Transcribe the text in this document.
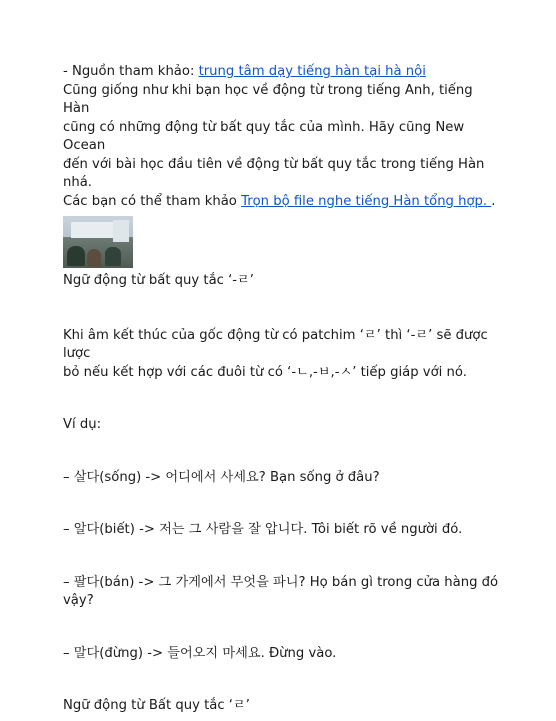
- Nguồn tham khảo: trung tâm dạy tiếng hàn tại hà nội

Cũng giống như khi bạn học về động từ trong tiếng Anh, tiếng Hàn

cũng có những động từ bất quy tắc của mình. Hãy cũng New Ocean

đến với bài học đầu tiên về động từ bất quy tắc trong tiếng Hàn

nhá.

Các bạn có thể tham khảo Trọn bộ file nghe tiếng Hàn tổng hợp. .

Ngữ động từ bất quy tắc ‘-ㄹ’

Khi âm kết thúc của gốc động từ có patchim ‘ㄹ’ thì ‘-ㄹ’ sẽ được lược

bỏ nếu kết hợp với các đuôi từ có ‘-ㄴ,-ㅂ,-ㅅ’ tiếp giáp với nó.

Ví dụ:

– 살다(sống) -> 어디에서 사세요? Bạn sống ở đâu?

– 알다(biết) -> 저는 그 사람을 잘 압니다. Tôi biết rõ về người đó.

– 팔다(bán) -> 그 가게에서 무엇을 파니? Họ bán gì trong cửa hàng đó

vậy?

– 말다(đừng) -> 들어오지 마세요. Đừng vào.

Ngữ động từ Bất quy tắc ‘ㄹ’
